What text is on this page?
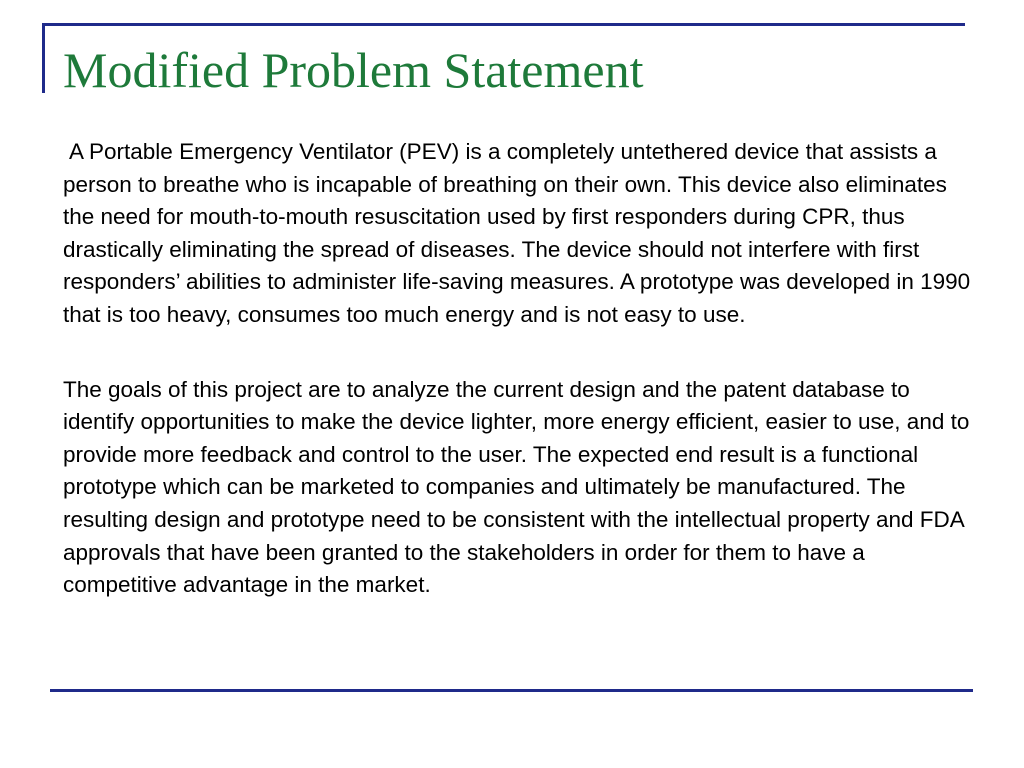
Modified Problem Statement

A Portable Emergency Ventilator (PEV) is a completely untethered device that assists a person to breathe who is incapable of breathing on their own. This device also eliminates the need for mouth-to-mouth resuscitation used by first responders during CPR, thus drastically eliminating the spread of diseases. The device should not interfere with first responders’ abilities to administer life-saving measures. A prototype was developed in 1990 that is too heavy, consumes too much energy and is not easy to use.

The goals of this project are to analyze the current design and the patent database to identify opportunities to make the device lighter, more energy efficient, easier to use, and to provide more feedback and control to the user. The expected end result is a functional prototype which can be marketed to companies and ultimately be manufactured. The resulting design and prototype need to be consistent with the intellectual property and FDA approvals that have been granted to the stakeholders in order for them to have a competitive advantage in the market.
